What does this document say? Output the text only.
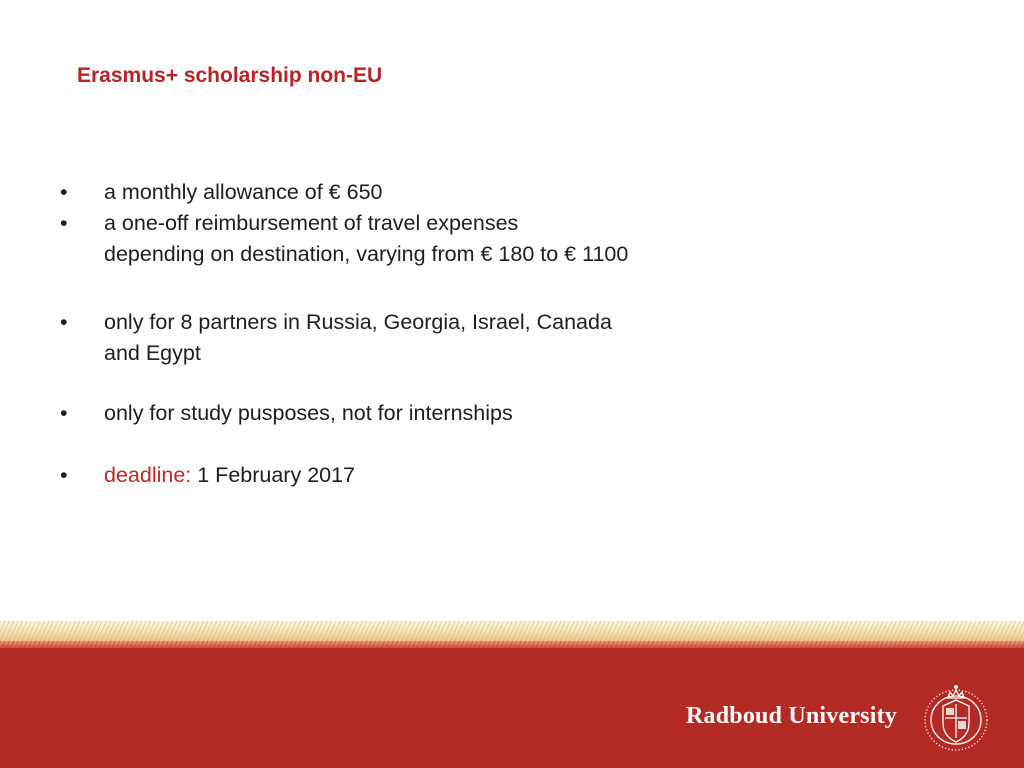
Erasmus+ scholarship non-EU
• a monthly allowance of € 650
• a one-off reimbursement of travel expenses
depending on destination, varying from € 180 to € 1100
• only for 8 partners in Russia, Georgia, Israel, Canada
and Egypt
• only for study pusposes, not for internships
• deadline: 1 February 2017
Radboud University
